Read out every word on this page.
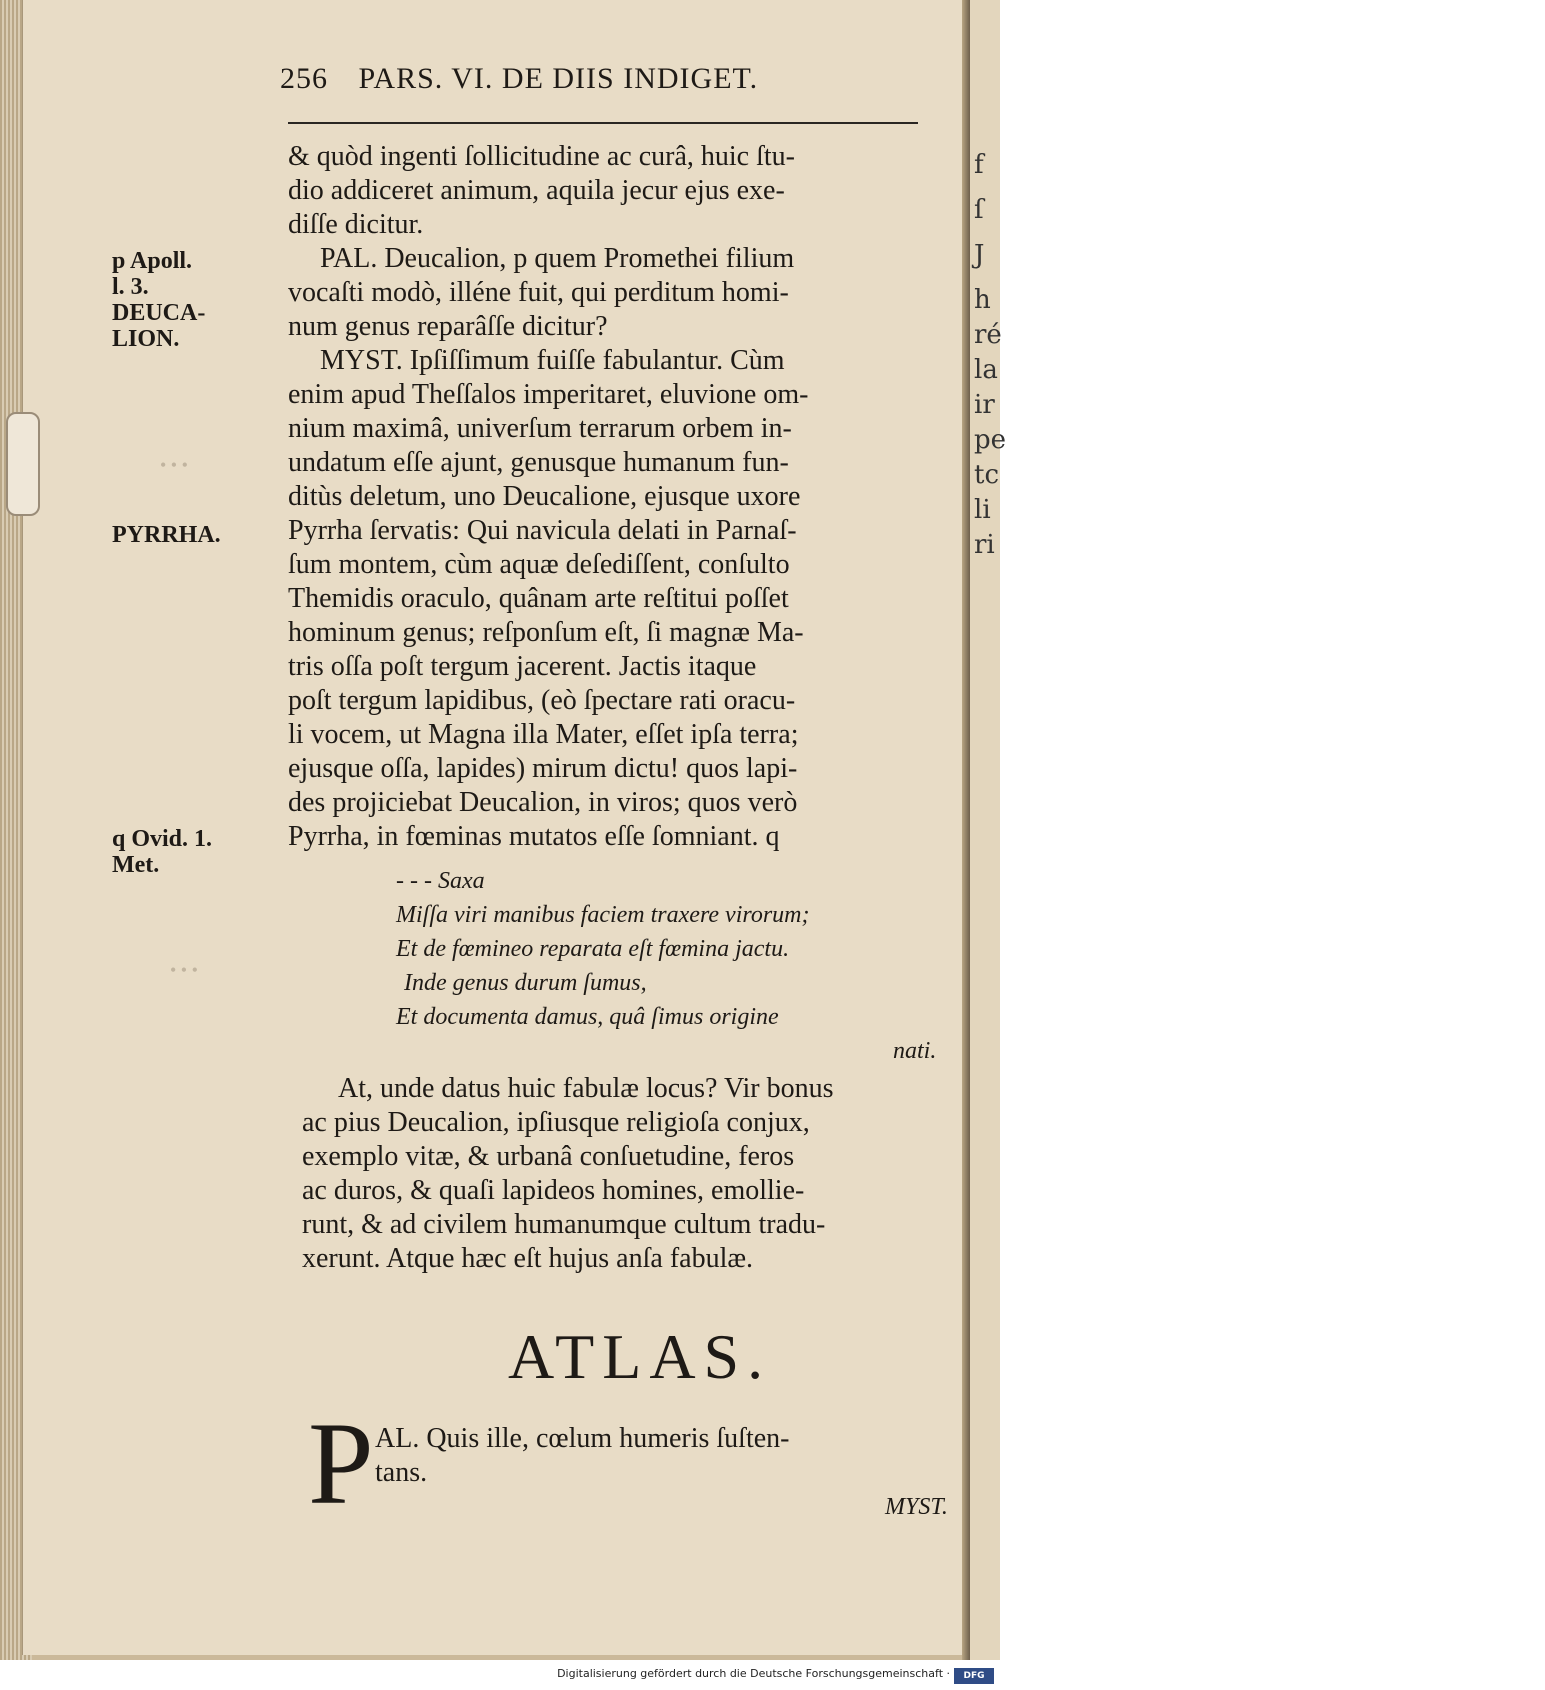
f
ſ
J
h
ré
la
ir
pe
tc
li
ri
• • •
• • •
256 PARS. VI. DE DIIS INDIGET.
& quòd ingenti ſollicitudine ac curâ, huic ſtu-
dio addiceret animum, aquila jecur ejus exe-
diſſe dicitur.
PAL. Deucalion, p quem Promethei filium
vocaſti modò, illéne fuit, qui perditum homi-
num genus reparâſſe dicitur?
MYST. Ipſiſſimum fuiſſe fabulantur. Cùm
enim apud Theſſalos imperitaret, eluvione om-
nium maximâ, univerſum terrarum orbem in-
undatum eſſe ajunt, genusque humanum fun-
ditùs deletum, uno Deucalione, ejusque uxore
Pyrrha ſervatis: Qui navicula delati in Parnaſ-
ſum montem, cùm aquæ deſediſſent, conſulto
Themidis oraculo, quânam arte reſtitui poſſet
hominum genus; reſponſum eſt, ſi magnæ Ma-
tris oſſa poſt tergum jacerent. Jactis itaque
poſt tergum lapidibus, (eò ſpectare rati oracu-
li vocem, ut Magna illa Mater, eſſet ipſa terra;
ejusque oſſa, lapides) mirum dictu! quos lapi-
des projiciebat Deucalion, in viros; quos verò
Pyrrha, in fœminas mutatos eſſe ſomniant. q
- - - Saxa
Miſſa viri manibus faciem traxere virorum;
Et de fœmineo reparata eſt fœmina jactu.
Inde genus durum ſumus,
Et documenta damus, quâ ſimus origine
nati.
At, unde datus huic fabulæ locus? Vir bonus
ac pius Deucalion, ipſiusque religioſa conjux,
exemplo vitæ, & urbanâ conſuetudine, feros
ac duros, & quaſi lapideos homines, emollie-
runt, & ad civilem humanumque cultum tradu-
xerunt. Atque hæc eſt hujus anſa fabulæ.
p Apoll.
l. 3.
DEUCA-
LION.
PYRRHA.
q Ovid. 1.
Met.
ATLAS.
P AL. Quis ille, cœlum humeris ſuſten-
tans.
MYST.
Digitalisierung gefördert durch die Deutsche Forschungsgemeinschaft ·	DFG
